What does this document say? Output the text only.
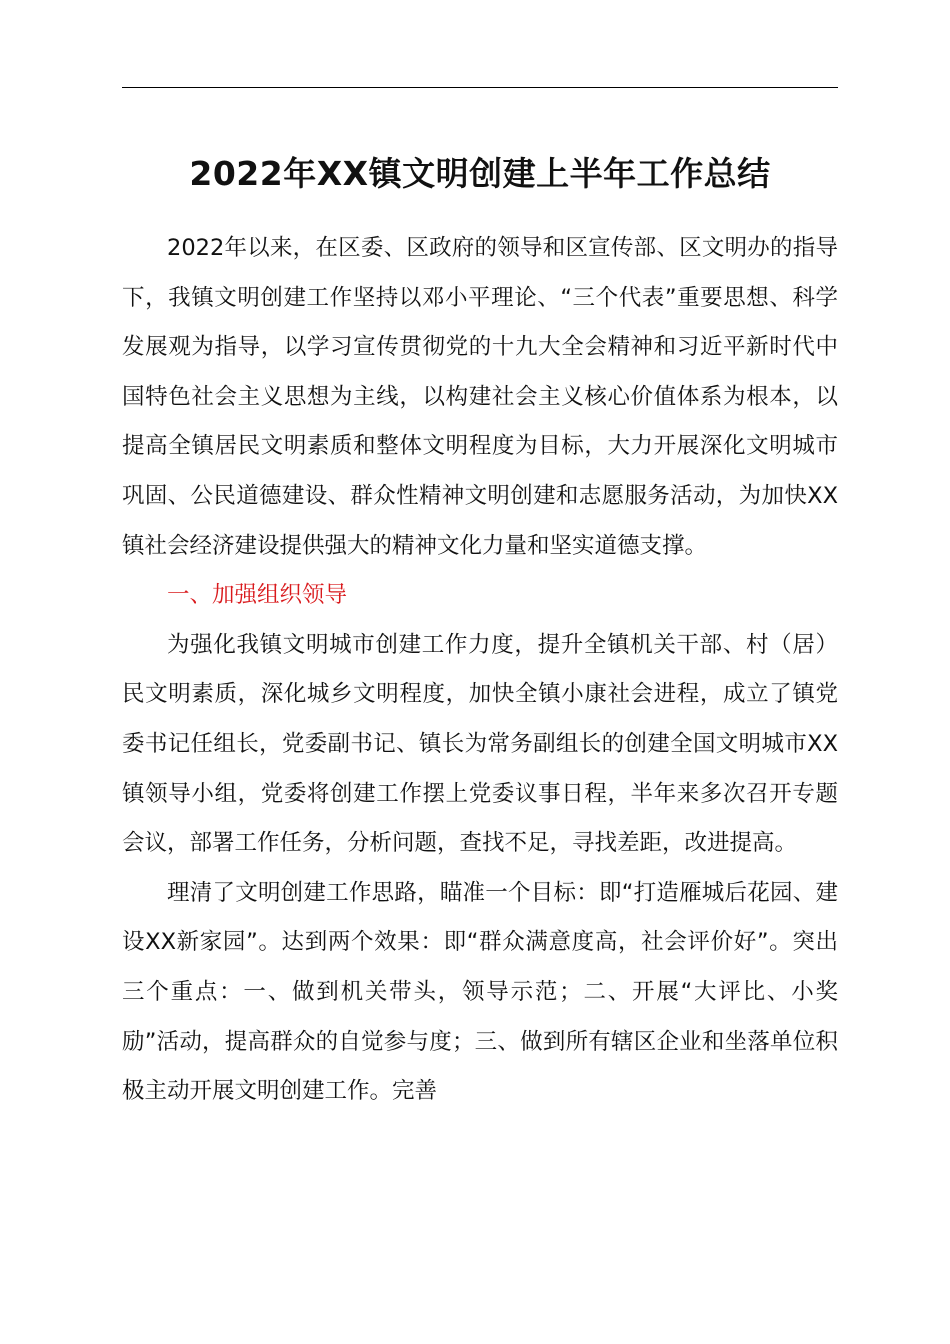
2022年XX镇文明创建上半年工作总结

2022年以来，在区委、区政府的领导和区宣传部、区文明办的指导下，我镇文明创建工作坚持以邓小平理论、“三个代表”重要思想、科学发展观为指导，以学习宣传贯彻党的十九大全会精神和习近平新时代中国特色社会主义思想为主线，以构建社会主义核心价值体系为根本，以提高全镇居民文明素质和整体文明程度为目标，大力开展深化文明城市巩固、公民道德建设、群众性精神文明创建和志愿服务活动，为加快XX镇社会经济建设提供强大的精神文化力量和坚实道德支撑。

一、加强组织领导

为强化我镇文明城市创建工作力度，提升全镇机关干部、村（居）民文明素质，深化城乡文明程度，加快全镇小康社会进程，成立了镇党委书记任组长，党委副书记、镇长为常务副组长的创建全国文明城市XX镇领导小组，党委将创建工作摆上党委议事日程，半年来多次召开专题会议，部署工作任务，分析问题，查找不足，寻找差距，改进提高。

理清了文明创建工作思路，瞄准一个目标：即“打造雁城后花园、建设XX新家园”。达到两个效果：即“群众满意度高，社会评价好”。突出三个重点：一、做到机关带头，领导示范；二、开展“大评比、小奖励”活动，提高群众的自觉参与度；三、做到所有辖区企业和坐落单位积极主动开展文明创建工作。完善
